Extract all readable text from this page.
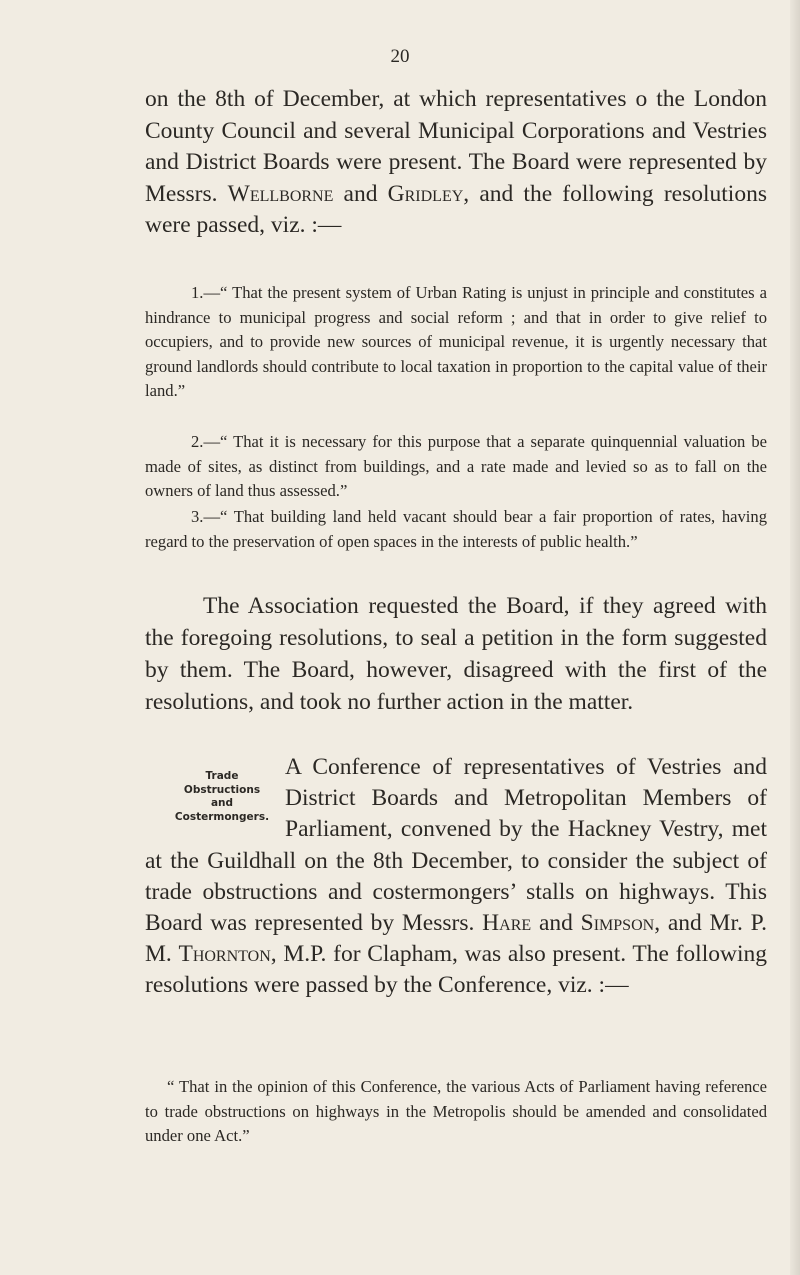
20

on the 8th of December, at which representatives o the London County Council and several Municipal Corporations and Vestries and District Boards were present. The Board were represented by Messrs. Wellborne and Gridley, and the following resolutions were passed, viz. :—

1.—“ That the present system of Urban Rating is unjust in principle and constitutes a hindrance to municipal progress and social reform ; and that in order to give relief to occupiers, and to provide new sources of municipal revenue, it is urgently necessary that ground landlords should contribute to local taxation in proportion to the capital value of their land.”

2.—“ That it is necessary for this purpose that a separate quinquennial valuation be made of sites, as distinct from buildings, and a rate made and levied so as to fall on the owners of land thus assessed.”

3.—“ That building land held vacant should bear a fair proportion of rates, having regard to the preservation of open spaces in the interests of public health.”

The Association requested the Board, if they agreed with the foregoing resolutions, to seal a petition in the form suggested by them. The Board, however, disagreed with the first of the resolutions, and took no further action in the matter.

Trade
Obstructions
and
Costermongers.

A Conference of representatives of Vestries and District Boards and Metropolitan Members of Parliament, convened by the Hackney Vestry, met at the Guildhall on the 8th December, to consider the subject of trade obstructions and costermongers’ stalls on highways. This Board was represented by Messrs. Hare and Simpson, and Mr. P. M. Thornton, M.P. for Clapham, was also present. The following resolutions were passed by the Conference, viz. :—

“ That in the opinion of this Conference, the various Acts of Parliament having reference to trade obstructions on highways in the Metropolis should be amended and consolidated under one Act.”
